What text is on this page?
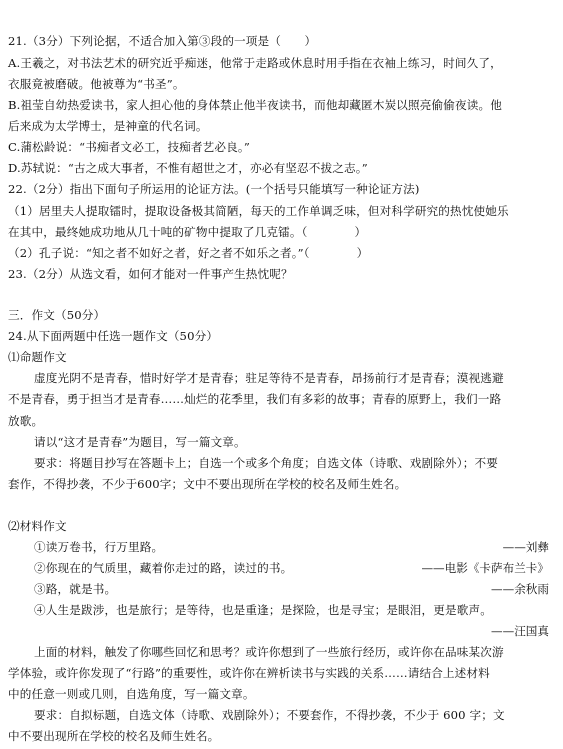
21.（3分）下列论据，不适合加入第③段的一项是（　　）
A.王羲之，对书法艺术的研究近乎痴迷，他常于走路或休息时用手指在衣袖上练习，时间久了，
衣服竟被磨破。他被尊为“书圣”。
B.祖莹自幼热爱读书，家人担心他的身体禁止他半夜读书，而他却藏匿木炭以照亮偷偷夜读。他
后来成为太学博士，是神童的代名词。
C.蒲松龄说：“书痴者文必工，技痴者艺必良。”
D.苏轼说：“古之成大事者，不惟有超世之才，亦必有坚忍不拔之志。”
22.（2分）指出下面句子所运用的论证方法。(一个括号只能填写一种论证方法)
（1）居里夫人提取镭时，提取设备极其简陋，每天的工作单调乏味，但对科学研究的热忱使她乐
在其中，最终她成功地从几十吨的矿物中提取了几克镭。（　　　　）
（2）孔子说：“知之者不如好之者，好之者不如乐之者。”（　　　　）
23.（2分）从选文看，如何才能对一件事产生热忱呢？
三．作文（50分）
24.从下面两题中任选一题作文（50分）
⑴命题作文
虚度光阴不是青春，惜时好学才是青春；驻足等待不是青春，昂扬前行才是青春；漠视逃避
不是青春，勇于担当才是青春……灿烂的花季里，我们有多彩的故事；青春的原野上，我们一路
放歌。
请以“这才是青春”为题目，写一篇文章。
要求：将题目抄写在答题卡上；自选一个或多个角度；自选文体（诗歌、戏剧除外）；不要
套作，不得抄袭，不少于600字；文中不要出现所在学校的校名及师生姓名。
⑵材料作文
①读万卷书，行万里路。	——刘彝
②你现在的气质里，藏着你走过的路，读过的书。	——电影《卡萨布兰卡》
③路，就是书。	——余秋雨
④人生是跋涉，也是旅行；是等待，也是重逢；是探险，也是寻宝；是眼泪，更是歌声。
——汪国真
上面的材料，触发了你哪些回忆和思考？或许你想到了一些旅行经历，或许你在品味某次游
学体验，或许你发现了“行路”的重要性，或许你在辨析读书与实践的关系……请结合上述材料
中的任意一则或几则，自选角度，写一篇文章。
要求：自拟标题，自选文体（诗歌、戏剧除外）；不要套作，不得抄袭，不少于 600 字；文
中不要出现所在学校的校名及师生姓名。
